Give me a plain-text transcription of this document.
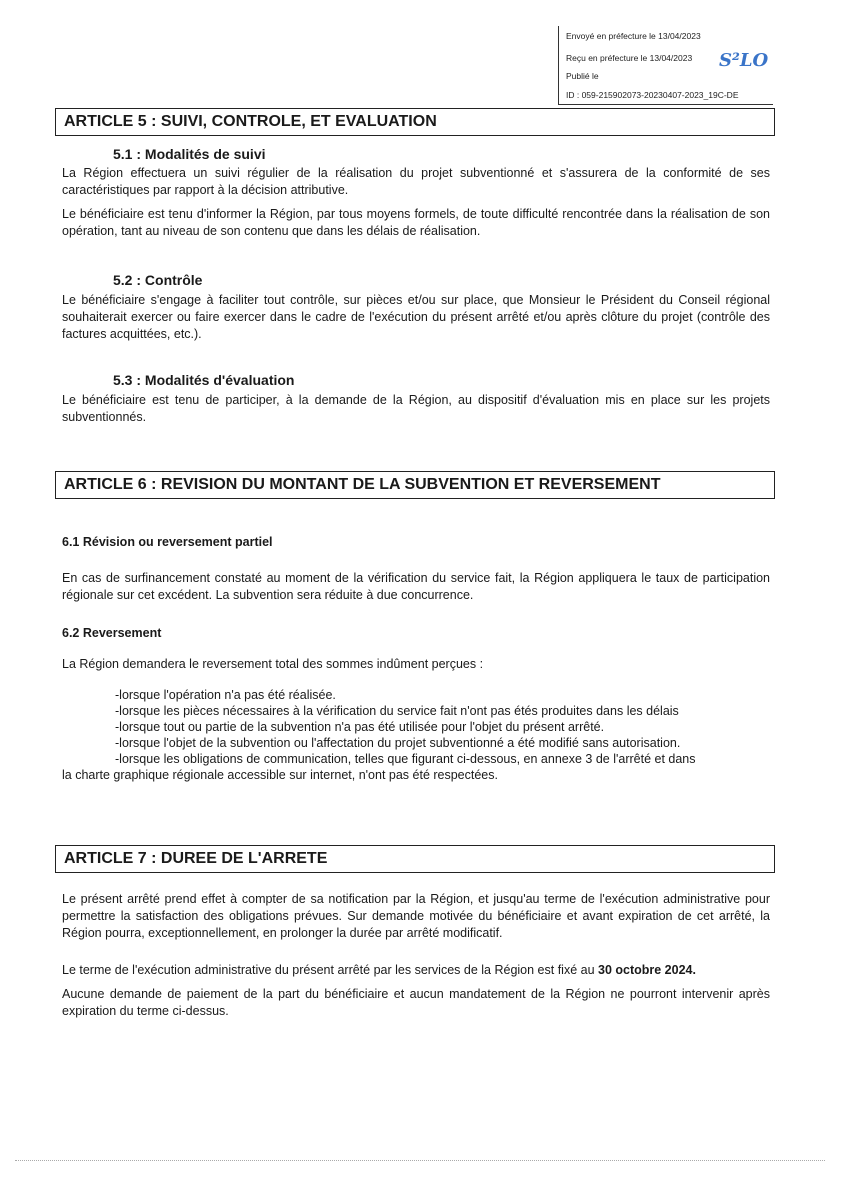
Envoyé en préfecture le 13/04/2023
Reçu en préfecture le 13/04/2023
Publié le
ID : 059-215902073-20230407-2023_19C-DE
S²LO
ARTICLE 5 : SUIVI, CONTROLE, ET EVALUATION
5.1 : Modalités de suivi
La Région effectuera un suivi régulier de la réalisation du projet subventionné et s'assurera de la conformité de ses caractéristiques par rapport à la décision attributive.
Le bénéficiaire est tenu d'informer la Région, par tous moyens formels, de toute difficulté rencontrée dans la réalisation de son opération, tant au niveau de son contenu que dans les délais de réalisation.
5.2 : Contrôle
Le bénéficiaire s'engage à faciliter tout contrôle, sur pièces et/ou sur place, que Monsieur le Président du Conseil régional souhaiterait exercer ou faire exercer dans le cadre de l'exécution du présent arrêté et/ou après clôture du projet (contrôle des factures acquittées, etc.).
5.3 : Modalités d'évaluation
Le bénéficiaire est tenu de participer, à la demande de la Région, au dispositif d'évaluation mis en place sur les projets subventionnés.
ARTICLE 6 : REVISION DU MONTANT DE LA SUBVENTION ET REVERSEMENT
6.1 Révision ou reversement partiel
En cas de surfinancement constaté au moment de la vérification du service fait, la Région appliquera le taux de participation régionale sur cet excédent. La subvention sera réduite à due concurrence.
6.2 Reversement
La Région demandera le reversement total des sommes indûment perçues :
-lorsque l'opération n'a pas été réalisée.
-lorsque les pièces nécessaires à la vérification du service fait n'ont pas étés produites dans les délais
-lorsque tout ou partie de la subvention n'a pas été utilisée pour l'objet du présent arrêté.
-lorsque l'objet de la subvention ou l'affectation du projet subventionné a été modifié sans autorisation.
-lorsque les obligations de communication, telles que figurant ci-dessous, en annexe 3 de l'arrêté et dans
la charte graphique régionale accessible sur internet, n'ont pas été respectées.
ARTICLE 7 : DUREE DE L'ARRETE
Le présent arrêté prend effet à compter de sa notification par la Région, et jusqu'au terme de l'exécution administrative pour permettre la satisfaction des obligations prévues. Sur demande motivée du bénéficiaire et avant expiration de cet arrêté, la Région pourra, exceptionnellement, en prolonger la durée par arrêté modificatif.
Le terme de l'exécution administrative du présent arrêté par les services de la Région est fixé au 30 octobre 2024.
Aucune demande de paiement de la part du bénéficiaire et aucun mandatement de la Région ne pourront intervenir après expiration du terme ci-dessus.
